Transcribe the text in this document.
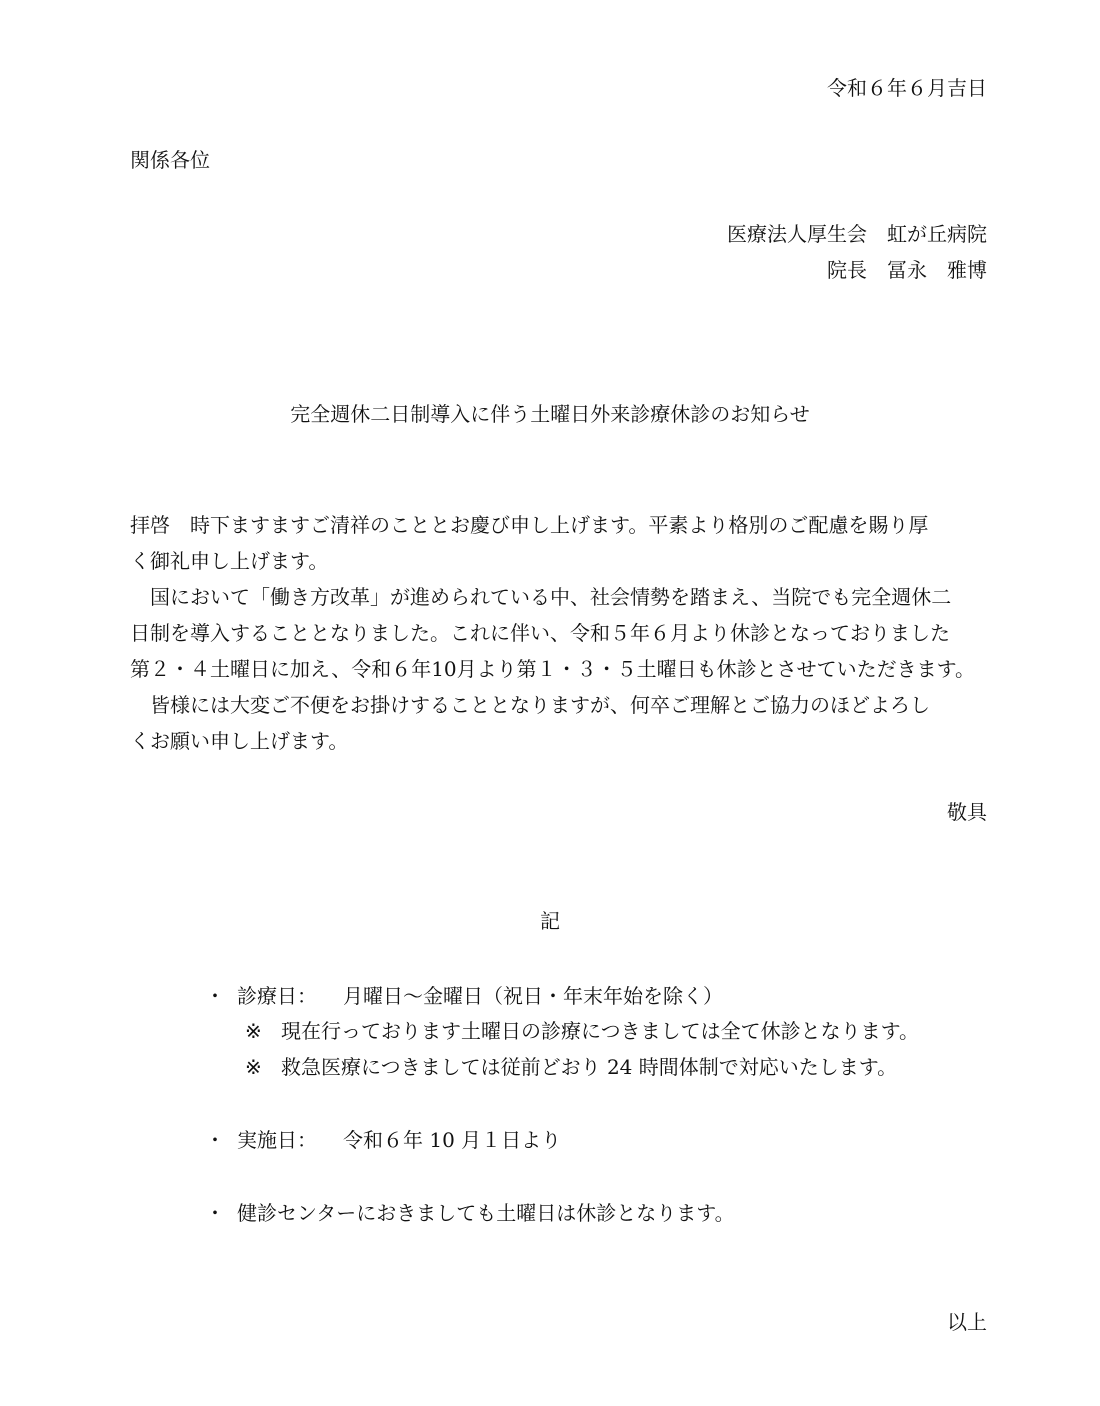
令和６年６月吉日
関係各位
医療法人厚生会　虹が丘病院
院長　冨永　雅博
完全週休二日制導入に伴う土曜日外来診療休診のお知らせ

拝啓　時下ますますご清祥のこととお慶び申し上げます。平素より格別のご配慮を賜り厚

く御礼申し上げます。

　国において「働き方改革」が進められている中、社会情勢を踏まえ、当院でも完全週休二

日制を導入することとなりました。これに伴い、令和５年６月より休診となっておりました

第２・４土曜日に加え、令和６年10月より第１・３・５土曜日も休診とさせていただきます。

　皆様には大変ご不便をお掛けすることとなりますが、何卒ご理解とご協力のほどよろし

くお願い申し上げます。

敬具
記
・ 診療日： 月曜日～金曜日（祝日・年末年始を除く）
※ 現在行っております土曜日の診療につきましては全て休診となります。
※ 救急医療につきましては従前どおり 24 時間体制で対応いたします。
・ 実施日： 令和６年 10 月１日より
・ 健診センターにおきましても土曜日は休診となります。
以上
